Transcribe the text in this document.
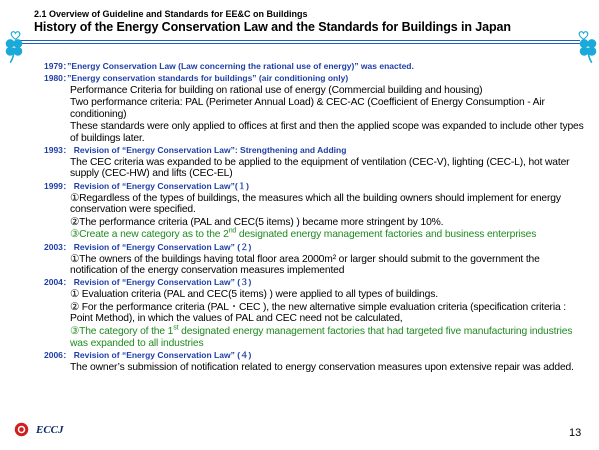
2.1 Overview of Guideline and Standards for EE&C on Buildings
History of the Energy Conservation Law and the Standards for Buildings in Japan
1979：”Energy Conservation Law (Law concerning the rational use of energy)” was enacted.
1980：”Energy conservation standards for buildings” (air conditioning only)
Performance Criteria for building on rational use of energy (Commercial building and housing)
Two performance criteria: PAL (Perimeter Annual Load) & CEC-AC (Coefficient of Energy Consumption - Air conditioning)
These standards were only applied to offices at first and then the applied scope was expanded to include other types of buildings later.
1993： Revision of “Energy Conservation Law”: Strengthening and Adding
The CEC criteria was expanded to be applied to the equipment of ventilation (CEC-V), lighting (CEC-L), hot water supply (CEC-HW) and lifts (CEC-EL)
1999： Revision of “Energy Conservation Law”(１)
①Regardless of the types of buildings, the measures which all the building owners should implement for energy conservation were specified.
②The performance criteria (PAL and CEC(5 items) ) became more stringent by 10%.
③Create a new category as to the 2nd designated energy management factories and business enterprises
2003： Revision of “Energy Conservation Law” (２)
①The owners of the buildings having total floor area 2000m² or larger should submit to the government the notification of the energy conservation measures implemented
2004： Revision of “Energy Conservation Law” (３)
① Evaluation criteria (PAL and CEC(5 items) ) were applied to all types of buildings.
② For the performance criteria (PAL・CEC ), the new alternative simple evaluation criteria (specification criteria : Point Method), in which the values of PAL and CEC need not be calculated,
③The category of the 1st designated energy management factories that had targeted five manufacturing industries was expanded to all industries
2006： Revision of “Energy Conservation Law” (４)
The owner’s submission of notification related to energy conservation measures upon extensive repair was added.
ECCJ	13
